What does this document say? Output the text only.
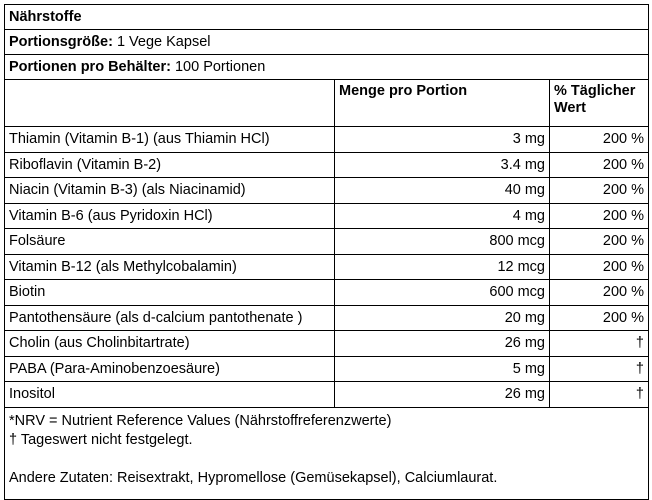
Nährstoffe		
Portionsgröße: 1 Vege Kapsel		
Portionen pro Behälter: 100 Portionen		
	Menge pro Portion	% Täglicher Wert
Thiamin (Vitamin B-1) (aus Thiamin HCl)	3 mg	200 %
Riboflavin (Vitamin B-2)	3.4 mg	200 %
Niacin (Vitamin B-3) (als Niacinamid)	40 mg	200 %
Vitamin B-6 (aus Pyridoxin HCl)	4 mg	200 %
Folsäure	800 mcg	200 %
Vitamin B-12 (als Methylcobalamin)	12 mcg	200 %
Biotin	600 mcg	200 %
Pantothensäure (als d-calcium pantothenate )	20 mg	200 %
Cholin (aus Cholinbitartrate)	26 mg	†
PABA (Para-Aminobenzoesäure)	5 mg	†
Inositol	26 mg	†

*NRV = Nutrient Reference Values (Nährstoffreferenzwerte)

† Tageswert nicht festgelegt.

Andere Zutaten: Reisextrakt, Hypromellose (Gemüsekapsel), Calciumlaurat.		
